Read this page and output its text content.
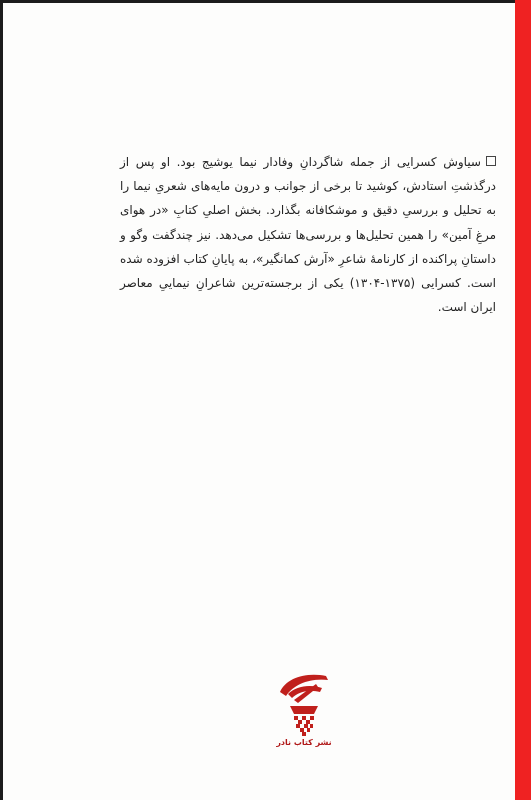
سیاوش کسرایی از جمله شاگردانِ وفادار نیما یوشیج بود. او پس از درگذشتِ استادش، کوشید تا برخی از جوانب و درون مایه‌های شعریِ نیما را به تحلیل و بررسیِ دقیق و موشکافانه بگذارد. بخش اصلیِ کتابِ «در هوای مرغِ آمین» را همین تحلیل‌ها و بررسی‌ها تشکیل می‌دهد. نیز چندگفت وگو و داستانِ پراکنده از کارنامهٔ شاعرِ «آرش کمانگیر»، به پایانِ کتاب افزوده شده است. کسرایی (۱۳۷۵-۱۳۰۴) یکی از برجسته‌ترین شاعرانِ نیماییِ معاصر ایران است.

نشر کتاب نادر
